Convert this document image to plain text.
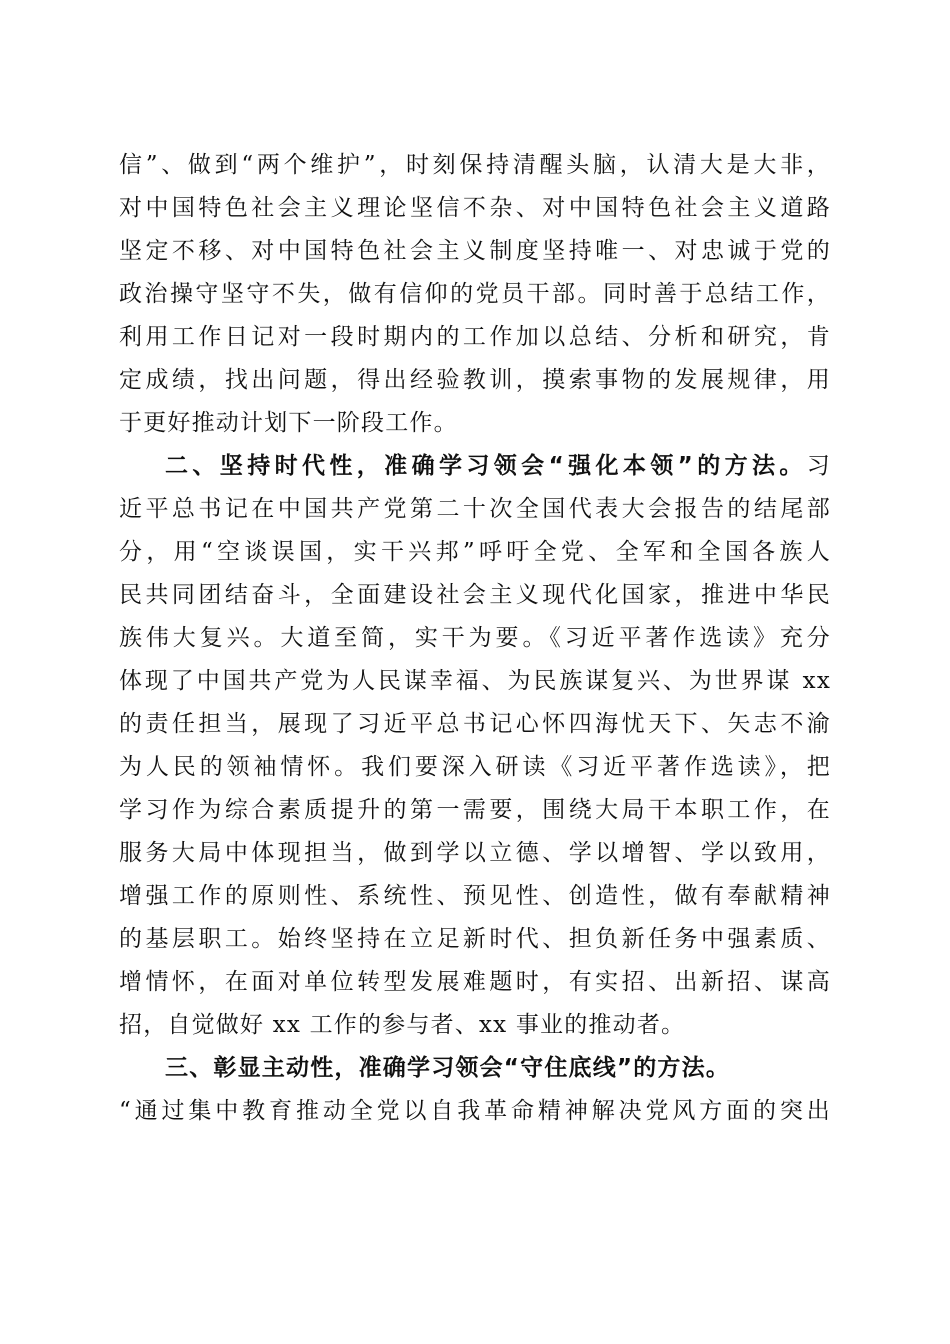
信”、做到“两个维护”，时刻保持清醒头脑，认清大是大非，
对中国特色社会主义理论坚信不杂、对中国特色社会主义道路
坚定不移、对中国特色社会主义制度坚持唯一、对忠诚于党的
政治操守坚守不失，做有信仰的党员干部。同时善于总结工作，
利用工作日记对一段时期内的工作加以总结、分析和研究，肯
定成绩，找出问题，得出经验教训，摸索事物的发展规律，用
于更好推动计划下一阶段工作。
二、坚持时代性，准确学习领会“强化本领”的方法。习
近平总书记在中国共产党第二十次全国代表大会报告的结尾部
分，用“空谈误国，实干兴邦”呼吁全党、全军和全国各族人
民共同团结奋斗，全面建设社会主义现代化国家，推进中华民
族伟大复兴。大道至简，实干为要。《习近平著作选读》充分
体现了中国共产党为人民谋幸福、为民族谋复兴、为世界谋 xx
的责任担当，展现了习近平总书记心怀四海忧天下、矢志不渝
为人民的领袖情怀。我们要深入研读《习近平著作选读》，把
学习作为综合素质提升的第一需要，围绕大局干本职工作，在
服务大局中体现担当，做到学以立德、学以增智、学以致用，
增强工作的原则性、系统性、预见性、创造性，做有奉献精神
的基层职工。始终坚持在立足新时代、担负新任务中强素质、
增情怀，在面对单位转型发展难题时，有实招、出新招、谋高
招，自觉做好 xx 工作的参与者、xx 事业的推动者。
三、彰显主动性，准确学习领会“守住底线”的方法。
“通过集中教育推动全党以自我革命精神解决党风方面的突出
